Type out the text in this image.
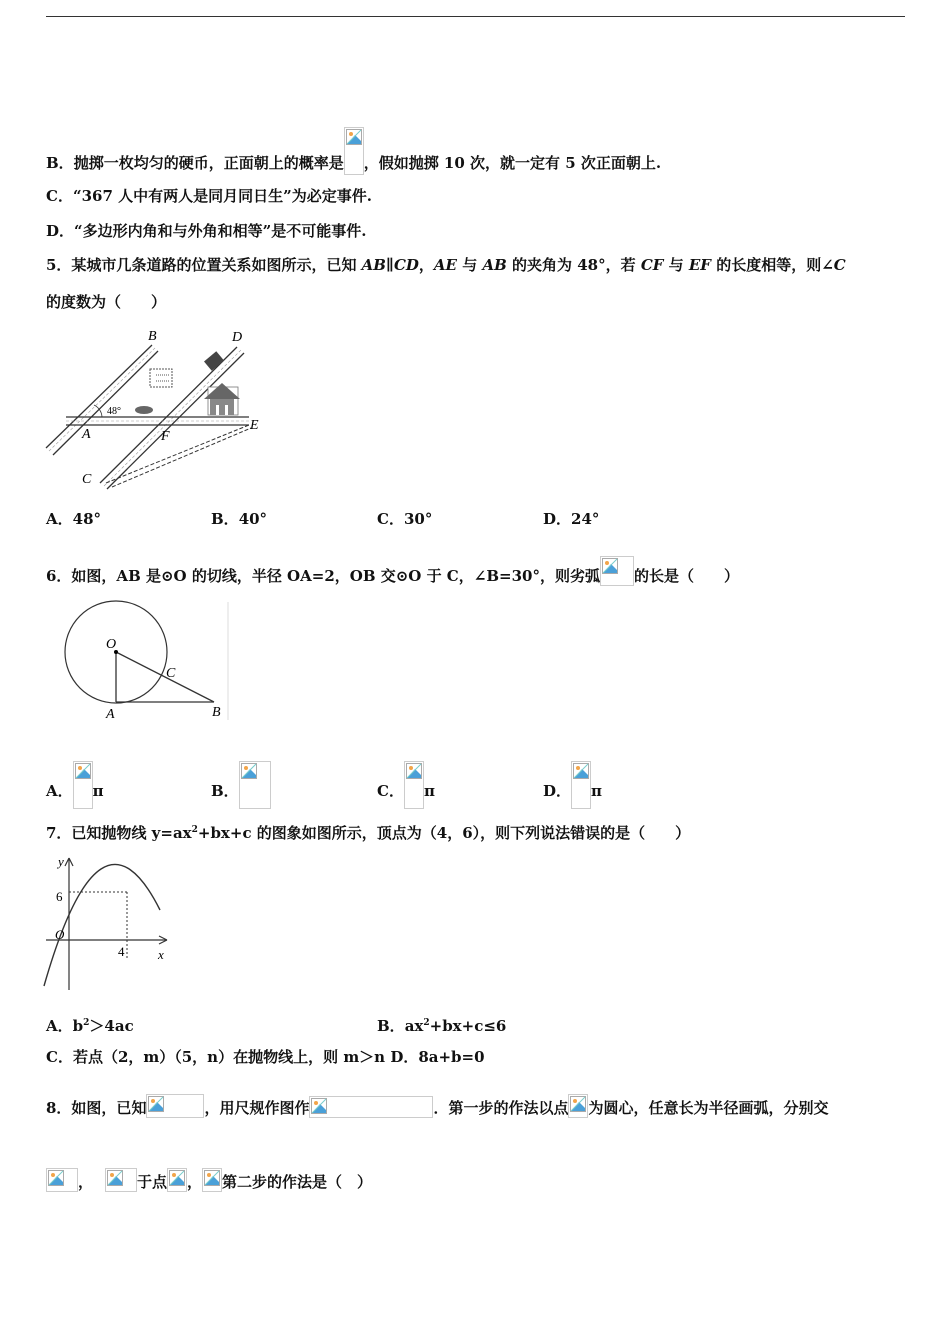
B．抛掷一枚均匀的硬币，正面朝上的概率是 ，假如抛掷 10 次，就一定有 5 次正面朝上.
C．“367 人中有两人是同月同日生”为必定事件.
D．“多边形内角和与外角和相等”是不可能事件.
5．某城市几条道路的位置关系如图所示，已知 AB∥CD，AE 与 AB 的夹角为 48°，若 CF 与 EF 的长度相等，则∠C
的度数为（　　）
B	D
A	F
E
C
48°
A．48°	B．40°	C．30°	D．24°
6．如图，AB 是⊙O 的切线，半径 OA=2，OB 交⊙O 于 C，∠B=30°，则劣弧 的长是（　　）
O
C
A	B
A． π	B．	C． π	D． π
7．已知抛物线 $y=ax^2+bx+c$ 的图象如图所示，顶点为（4，6），则下列说法错误的是（　　）
y
x
O
6
4
A．$b^2>4ac$	B．$ax^2+bx+c\le 6$
C．若点（2，m）（5，n）在抛物线上，则 m＞n D．8a+b=0
8．如图，已知	，用尺规作图作	．第一步的作法以点 为圆心，任意长为半径画弧，分别交
，	于点 ， 第二步的作法是（　）
